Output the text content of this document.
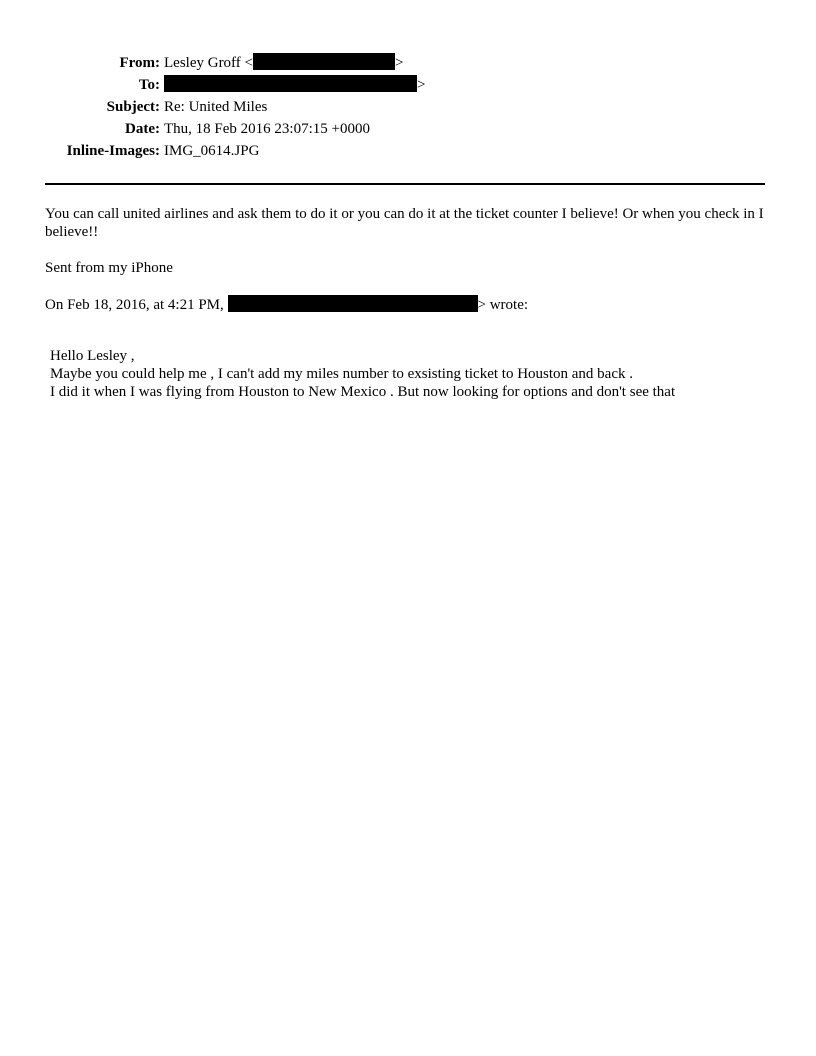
From:	Lesley Groff < >
To:	>
Subject:	Re: United Miles
Date:	Thu, 18 Feb 2016 23:07:15 +0000
Inline-Images:	IMG_0614.JPG

You can call united airlines and ask them to do it or you can do it at the ticket counter I believe! Or when you check in I believe!!

Sent from my iPhone

On Feb 18, 2016, at 4:21 PM,	> wrote:

Hello Lesley ,
Maybe you could help me , I can't add my miles number to exsisting ticket to Houston and back .
I did it when I was flying from Houston to New Mexico . But now looking for options and don't see that
